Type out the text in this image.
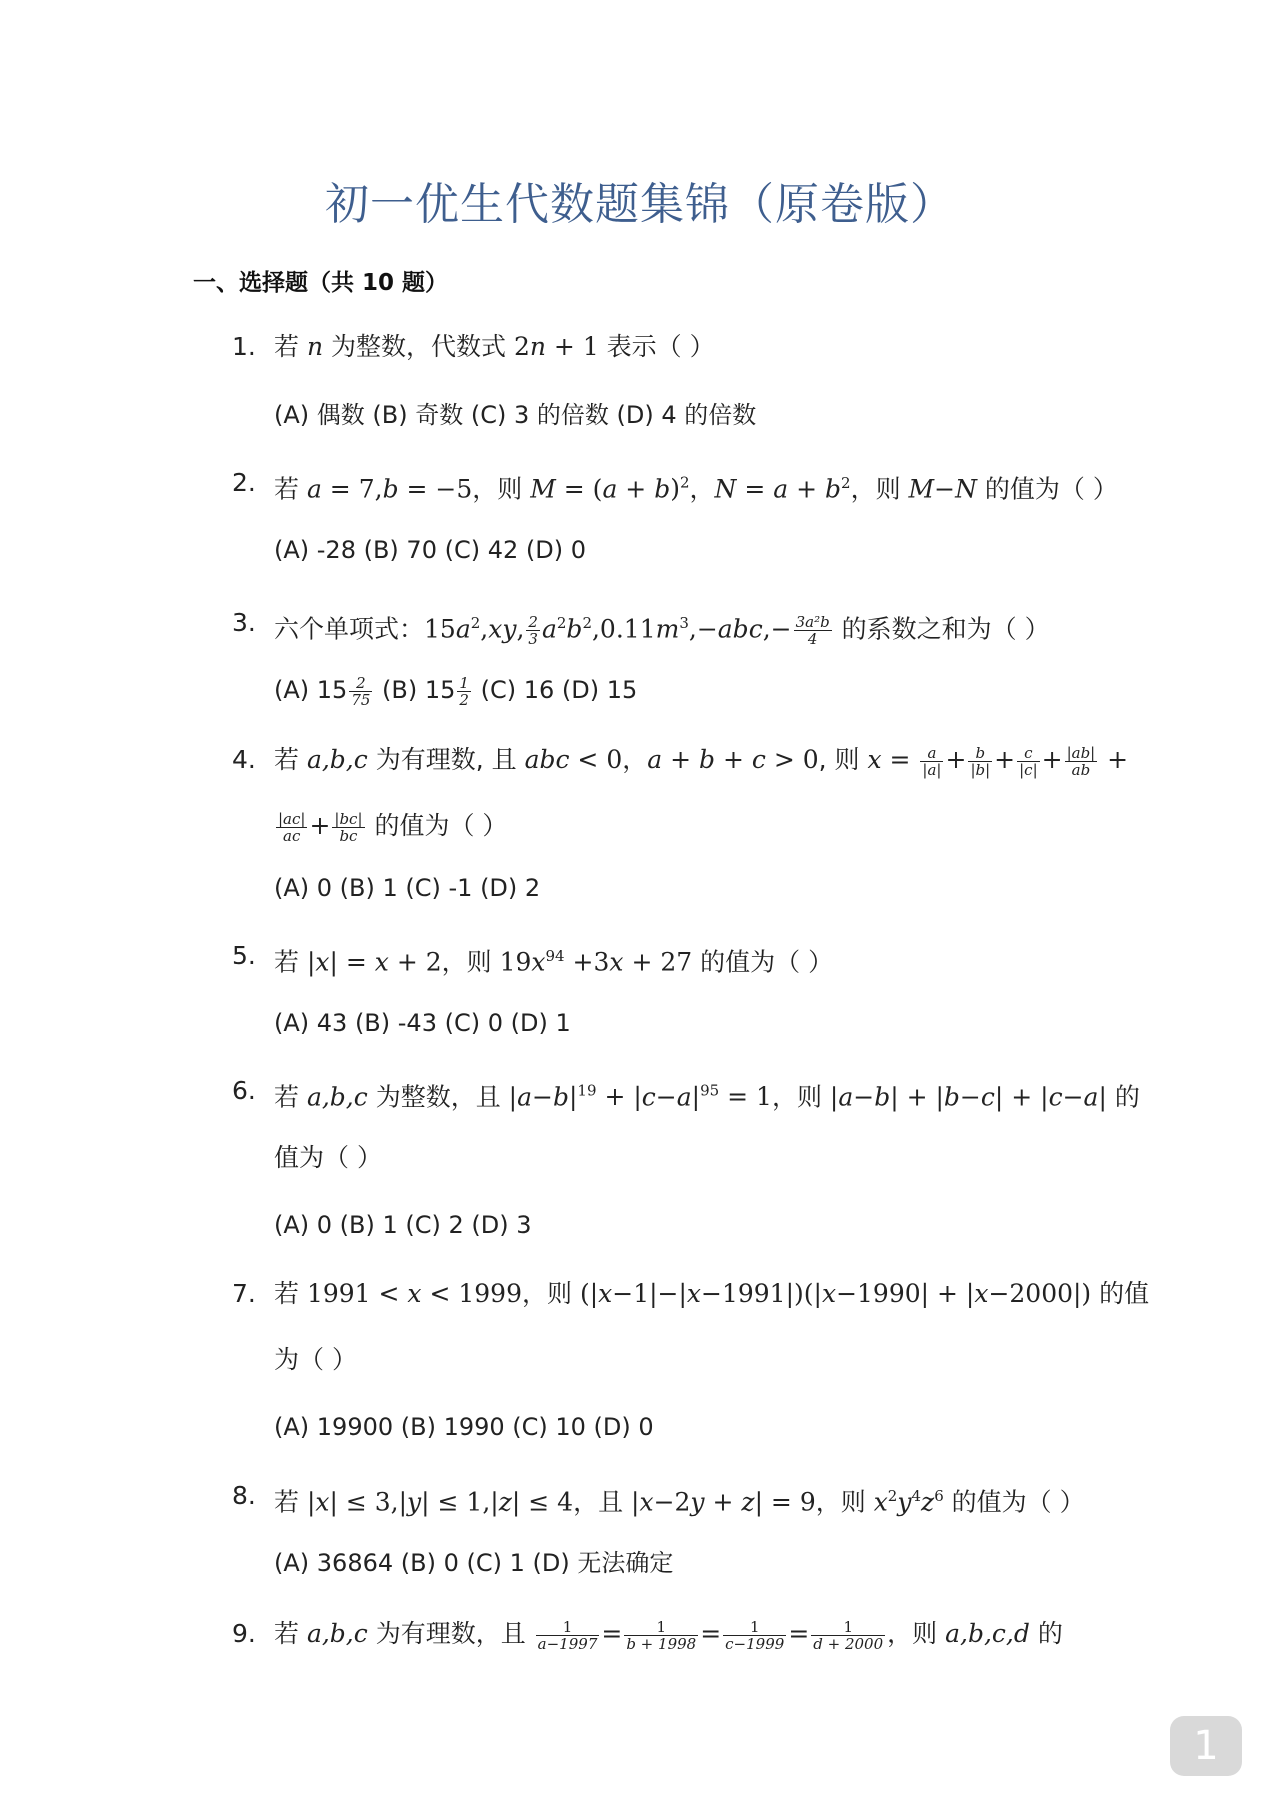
初一优生代数题集锦（原卷版）
一、选择题（共 10 题）
1. 若 n 为整数，代数式 2n + 1 表示（ ）
(A) 偶数 (B) 奇数 (C) 3 的倍数 (D) 4 的倍数
2. 若 a = 7,b = −5，则 $M = (a + b)^2$，$N = a + b^2$，则 M−N 的值为（ ）
(A) -28 (B) 70 (C) 42 (D) 0
3. 六个单项式：$15a^2,xy$, $\frac{2}{3} a^2b^2,0.11m^3,-abc,- \frac{\text{3a²b}}{4}$ 的系数之和为（ ）
(A) $15 \frac{2}{75} (B)$ $15 \frac{1}{2} (C)$ 16 (D) 15
4. 若 a,b,c 为有理数, 且 abc < 0，a + b + c > 0, 则 $x = \frac{a}{|a|} + \frac{b}{|b|} + \frac{c}{|c|} + \frac{|ab|}{ab}$ +
$\frac{|ac|}{ac} + \frac{|bc|}{bc}$ 的值为（ ）
(A) 0 (B) 1 (C) -1 (D) 2
5. 若 |x| = x + 2，则 $19x^{94} +3x + 27$ 的值为（ ）
(A) 43 (B) -43 (C) 0 (D) 1
6. 若 a,b,c 为整数，且 $|a-b|^{19} + |c-a|^{95} = 1$，则 |a−b| + |b−c| + |c−a| 的
值为（ ）
(A) 0 (B) 1 (C) 2 (D) 3
7. 若 1991 < x < 1999，则 (|x−1|−|x−1991|)(|x−1990| + |x−2000|) 的值
为（ ）
(A) 19900 (B) 1990 (C) 10 (D) 0
8. 若 |x| ≤ 3,|y| ≤ 1,|z| ≤ 4，且 |x−2y + z| = 9，则 $x^2y^4z^6$ 的值为（ ）
(A) 36864 (B) 0 (C) 1 (D) 无法确定
9. 若 a,b,c 为有理数，且 $\frac{1}{a-1997} = \frac{1}{b + 1998} = \frac{1}{c-1999} = \frac{1}{d + 2000}$ ，则 a,b,c,d 的
1
